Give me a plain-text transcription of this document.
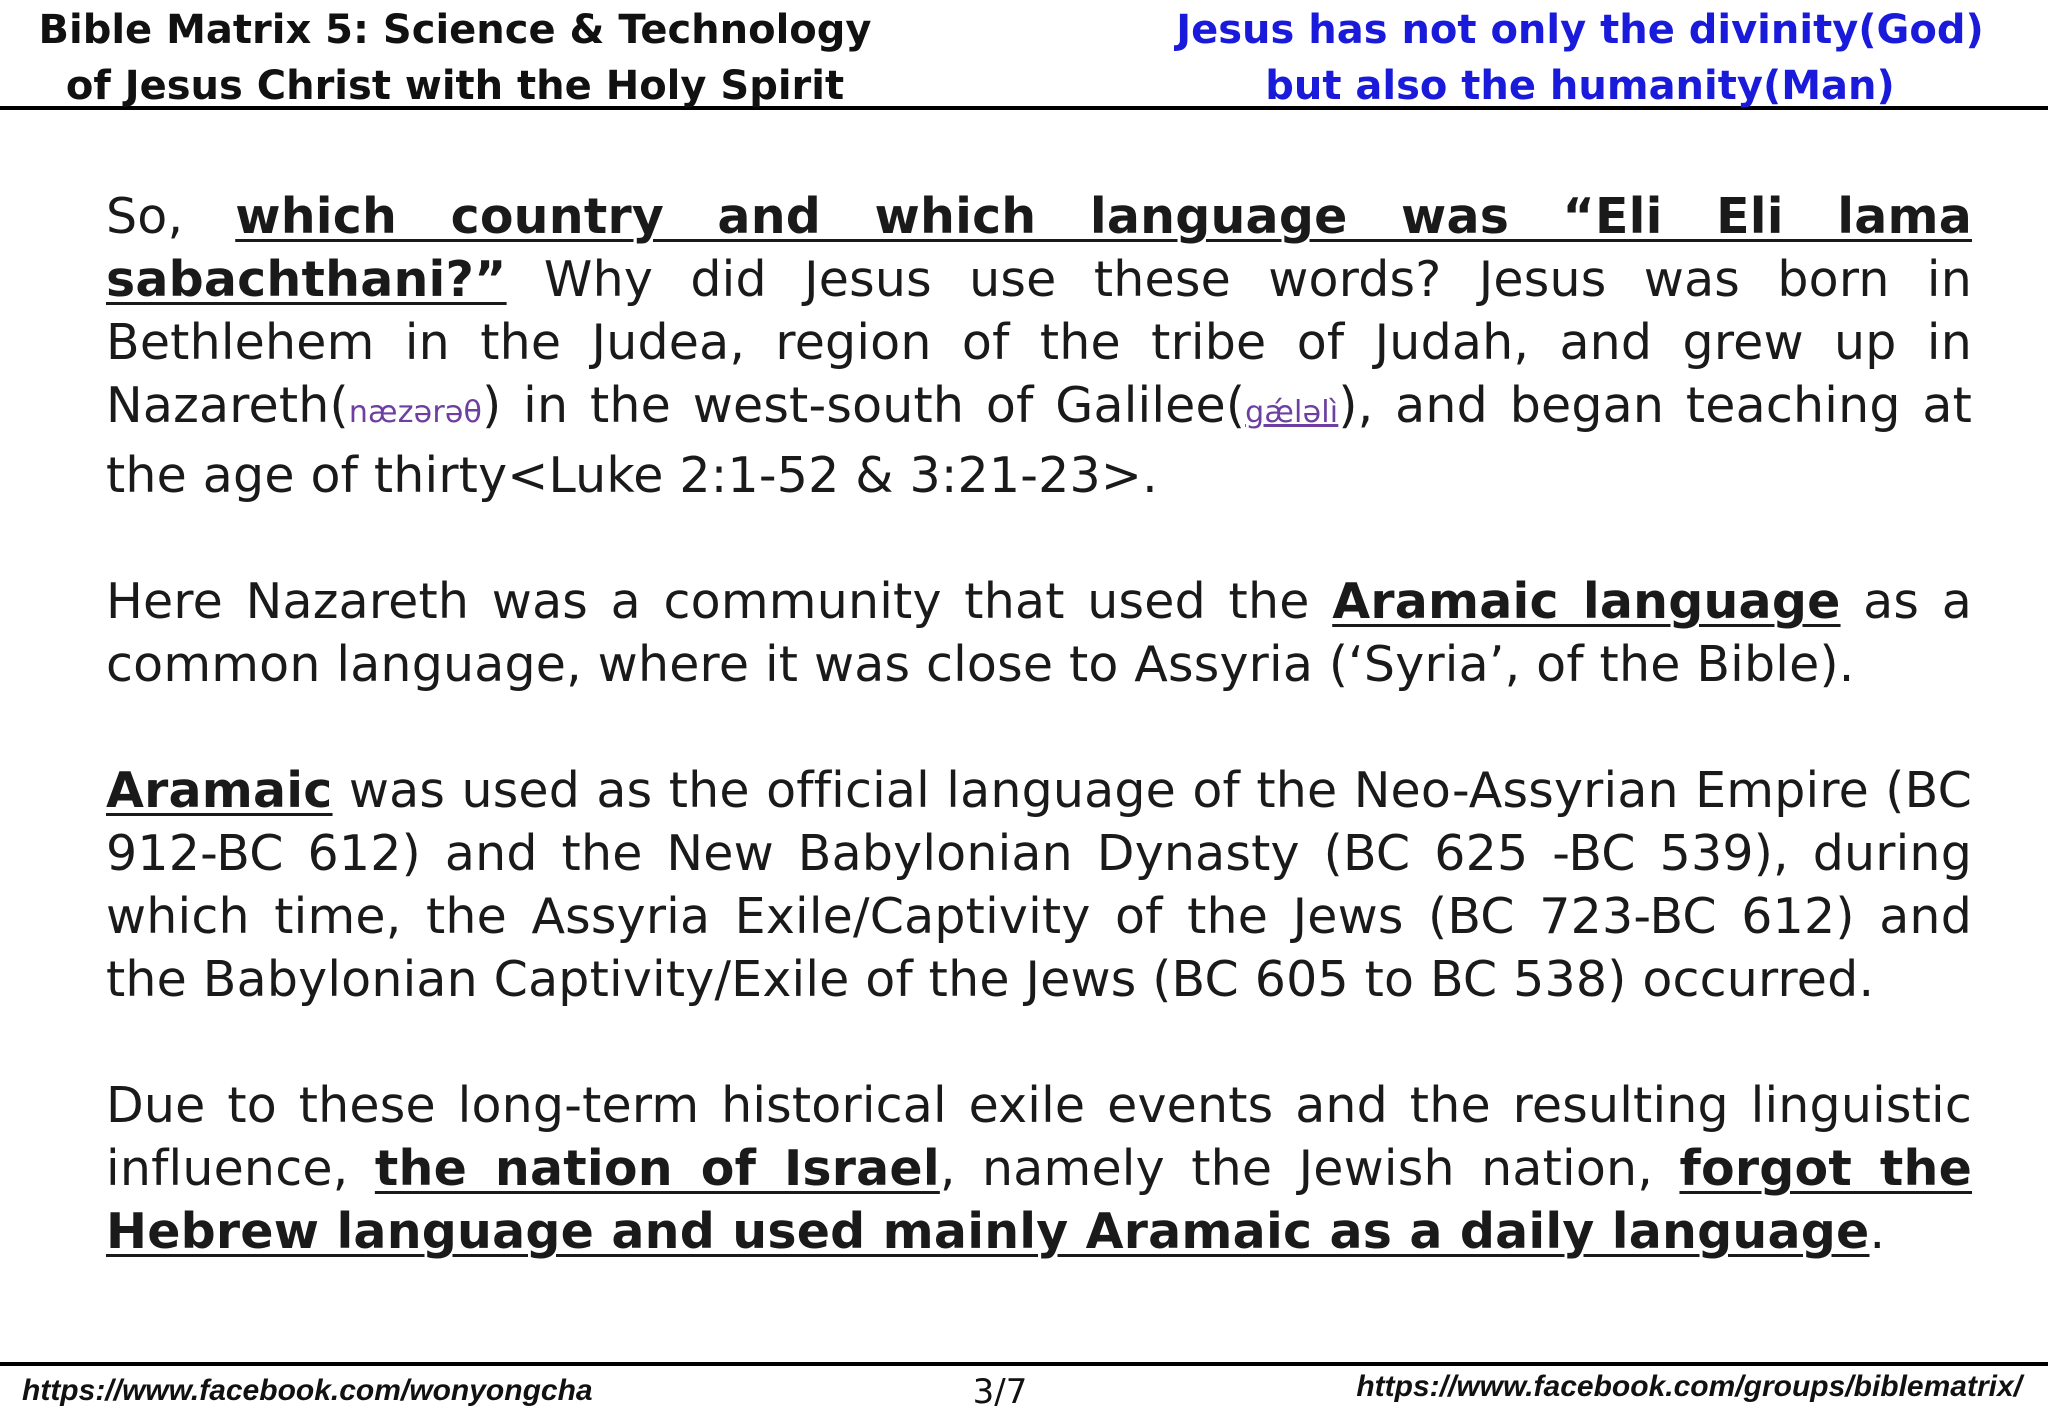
Bible Matrix 5: Science & Technology
of Jesus Christ with the Holy Spirit
Jesus has not only the divinity(God)
but also the humanity(Man)

So, which country and which language was “Eli Eli lama sabachthani?” Why did Jesus use these words? Jesus was born in Bethlehem in the Judea, region of the tribe of Judah, and grew up in Nazareth(næzərəθ) in the west-south of Galilee(gǽləlì), and began teaching at the age of thirty<Luke 2:1-52 & 3:21-23>.

Here Nazareth was a community that used the Aramaic language as a common language, where it was close to Assyria (‘Syria’, of the Bible).

Aramaic was used as the official language of the Neo-Assyrian Empire (BC 912-BC 612) and the New Babylonian Dynasty (BC 625 -BC 539), during which time, the Assyria Exile/Captivity of the Jews (BC 723-BC 612) and the Babylonian Captivity/Exile of the Jews (BC 605 to BC 538) occurred.

Due to these long-term historical exile events and the resulting linguistic influence, the nation of Israel, namely the Jewish nation, forgot the Hebrew language and used mainly Aramaic as a daily language.

https://www.facebook.com/wonyongcha	3/7	https://www.facebook.com/groups/biblematrix/
